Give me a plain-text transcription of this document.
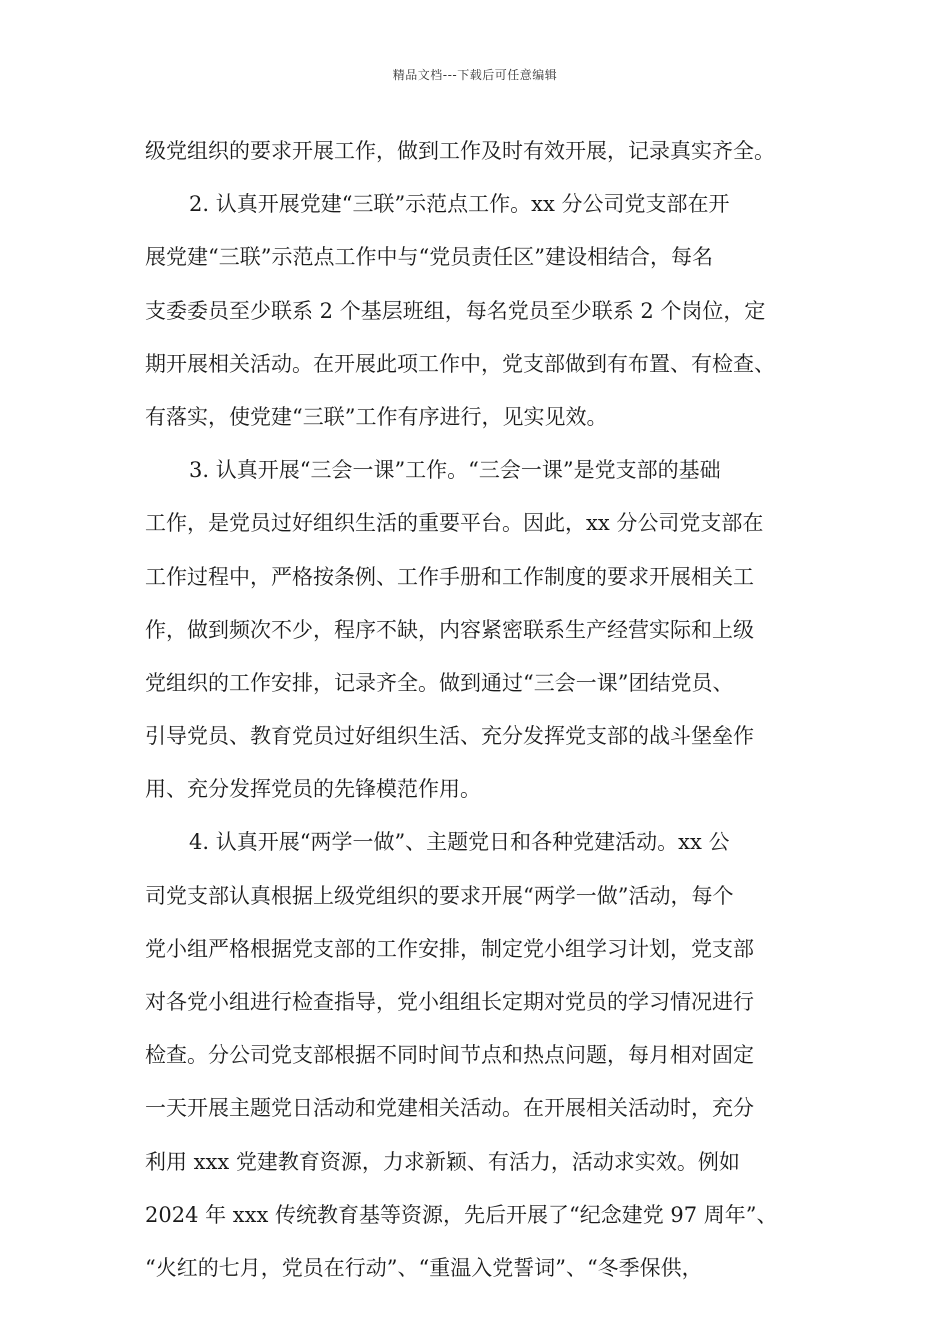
精品文档---下载后可任意编辑
级党组织的要求开展工作，做到工作及时有效开展，记录真实齐全。
2. 认真开展党建“三联”示范点工作。xx 分公司党支部在开
展党建“三联”示范点工作中与“党员责任区”建设相结合，每名
支委委员至少联系 2 个基层班组，每名党员至少联系 2 个岗位，定
期开展相关活动。在开展此项工作中，党支部做到有布置、有检查、
有落实，使党建“三联”工作有序进行，见实见效。
3. 认真开展“三会一课”工作。“三会一课”是党支部的基础
工作，是党员过好组织生活的重要平台。因此，xx 分公司党支部在
工作过程中，严格按条例、工作手册和工作制度的要求开展相关工
作，做到频次不少，程序不缺，内容紧密联系生产经营实际和上级
党组织的工作安排，记录齐全。做到通过“三会一课”团结党员、
引导党员、教育党员过好组织生活、充分发挥党支部的战斗堡垒作
用、充分发挥党员的先锋模范作用。
4. 认真开展“两学一做”、主题党日和各种党建活动。xx 公
司党支部认真根据上级党组织的要求开展“两学一做”活动，每个
党小组严格根据党支部的工作安排，制定党小组学习计划，党支部
对各党小组进行检查指导，党小组组长定期对党员的学习情况进行
检查。分公司党支部根据不同时间节点和热点问题，每月相对固定
一天开展主题党日活动和党建相关活动。在开展相关活动时，充分
利用 xxx 党建教育资源，力求新颖、有活力，活动求实效。例如
2024 年 xxx 传统教育基等资源，先后开展了“纪念建党 97 周年”、
“火红的七月，党员在行动”、“重温入党誓词”、“冬季保供，
